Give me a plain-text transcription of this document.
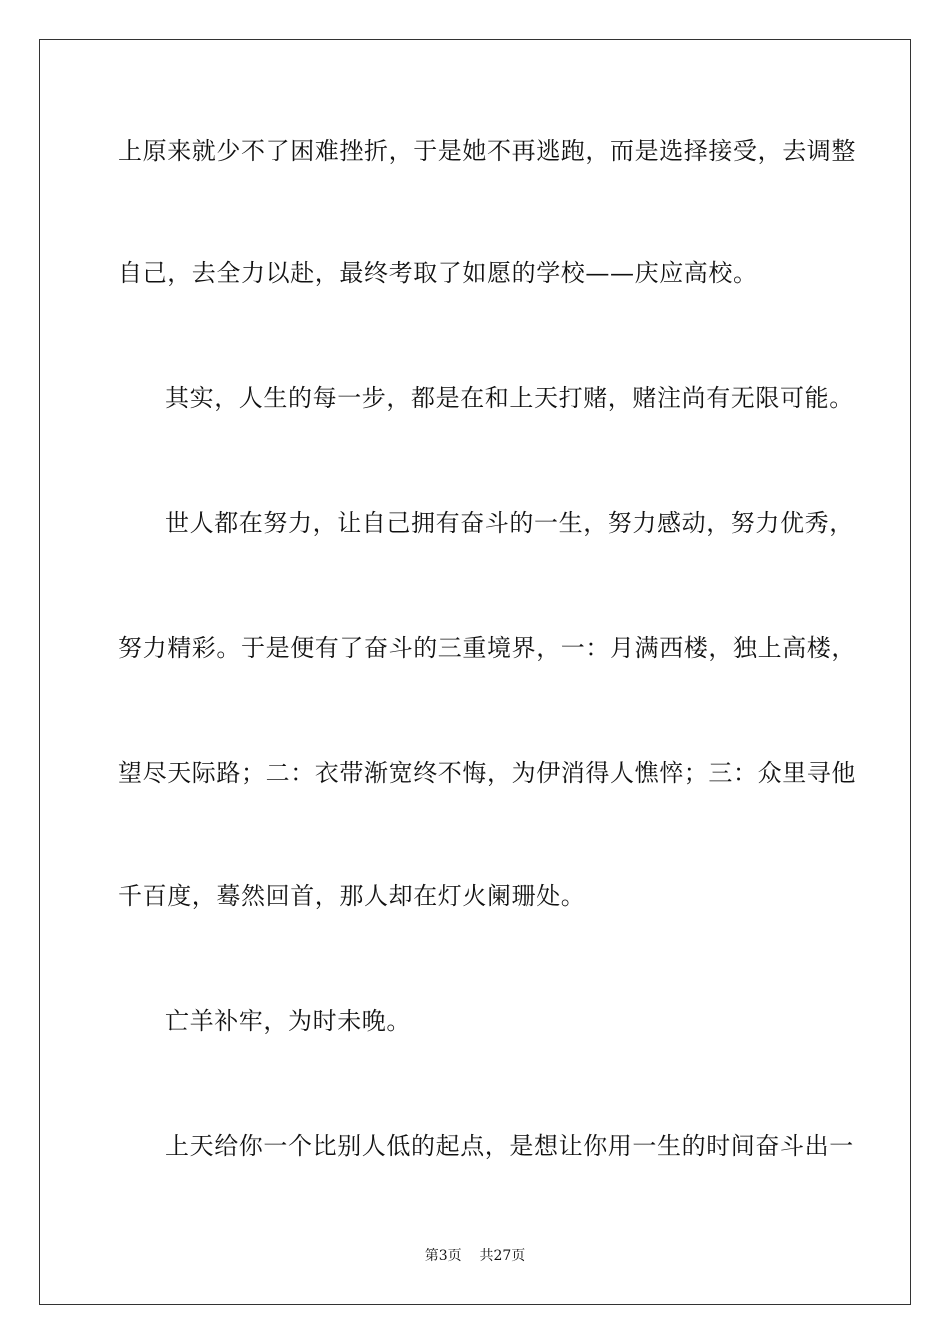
上原来就少不了困难挫折，于是她不再逃跑，而是选择接受，去调整
自己，去全力以赴，最终考取了如愿的学校——庆应高校。
其实，人生的每一步，都是在和上天打赌，赌注尚有无限可能。
世人都在努力，让自己拥有奋斗的一生，努力感动，努力优秀，
努力精彩。于是便有了奋斗的三重境界，一：月满西楼，独上高楼，
望尽天际路；二：衣带渐宽终不悔，为伊消得人憔悴；三：众里寻他
千百度，蓦然回首，那人却在灯火阑珊处。
亡羊补牢，为时未晚。
上天给你一个比别人低的起点，是想让你用一生的时间奋斗出一
第3页    共27页
